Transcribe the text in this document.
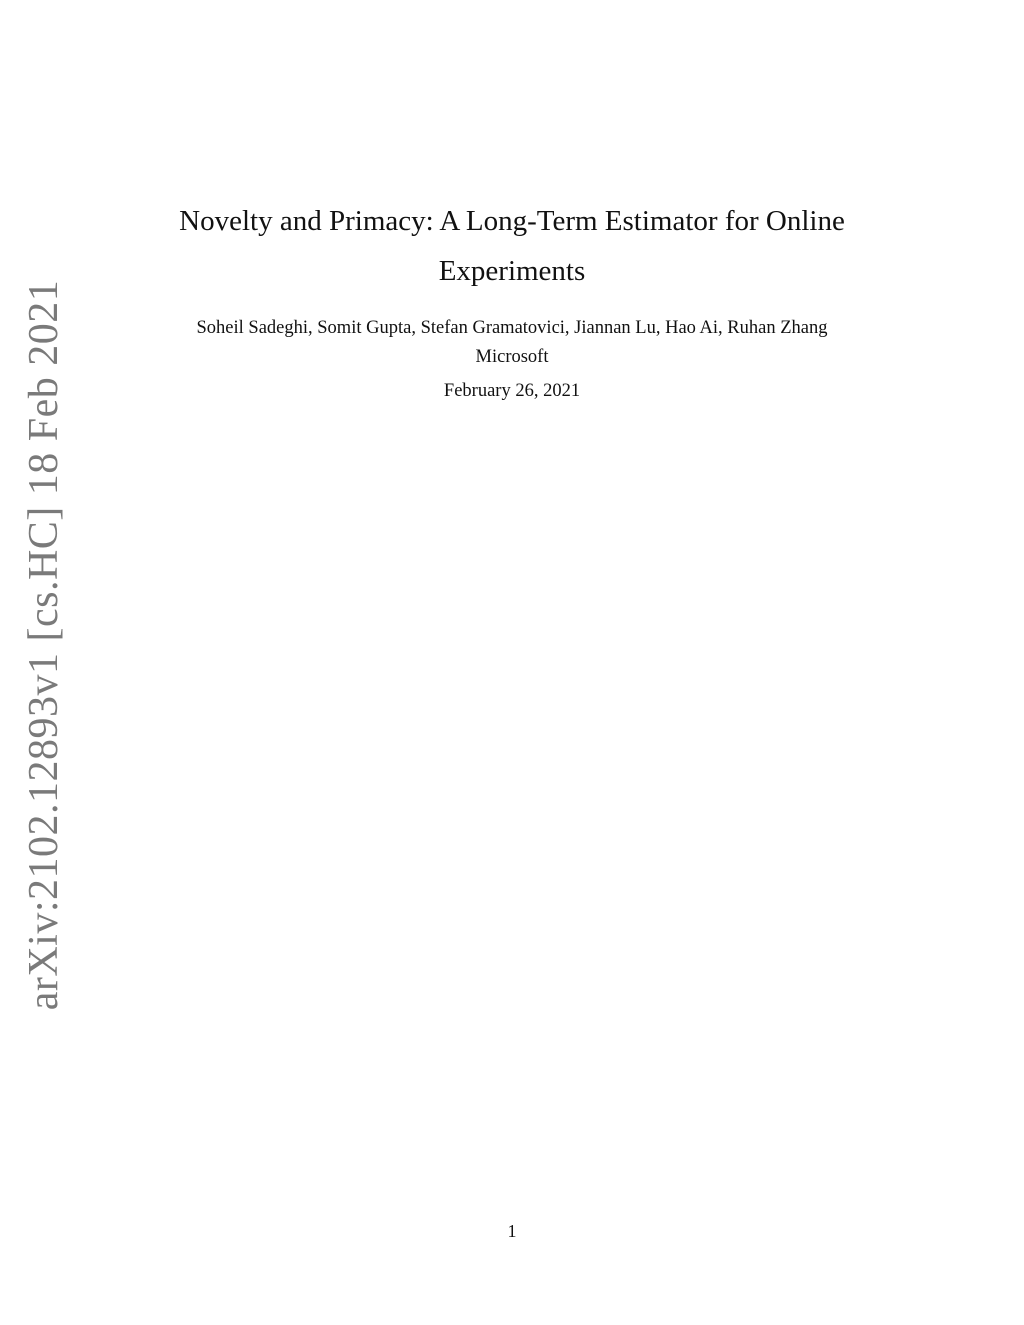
Novelty and Primacy: A Long-Term Estimator for Online Experiments

Soheil Sadeghi, Somit Gupta, Stefan Gramatovici, Jiannan Lu, Hao Ai, Ruhan Zhang

Microsoft

February 26, 2021

arXiv:2102.12893v1 [cs.HC] 18 Feb 2021
1
